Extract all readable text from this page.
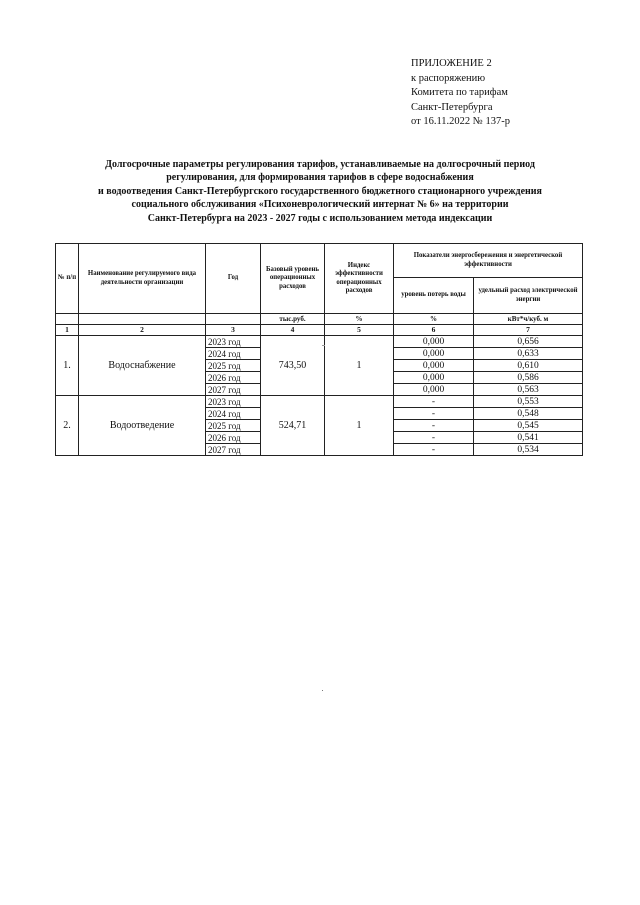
ПРИЛОЖЕНИЕ 2
к распоряжению
Комитета по тарифам
Санкт-Петербурга
от 16.11.2022 № 137-р
Долгосрочные параметры регулирования тарифов, устанавливаемые на долгосрочный период
регулирования, для формирования тарифов в сфере водоснабжения
и водоотведения Санкт-Петербургского государственного бюджетного стационарного учреждения
социального обслуживания «Психоневрологический интернат № 6» на территории
Санкт-Петербурга на 2023 - 2027 годы с использованием метода индексации
№ п/п	Наименование регулируемого вида деятельности организации	Год	Базовый уровень операционных расходов	Индекс эффективности операционных расходов	Показатели энергосбережения и энергетической эффективности	
					уровень потерь воды	удельный расход электрической энергии
			тыс.руб.	%	%	кВт*ч/куб. м
1	2	3	4	5	6	7
1.	Водоснабжение	2023 год	743,50	1	0,000	0,656
		2024 год			0,000	0,633
		2025 год			0,000	0,610
		2026 год			0,000	0,586
		2027 год			0,000	0,563
2.	Водоотведение	2023 год	524,71	1	-	0,553
		2024 год			-	0,548
		2025 год			-	0,545
		2026 год			-	0,541
		2027 год			-	0,534
